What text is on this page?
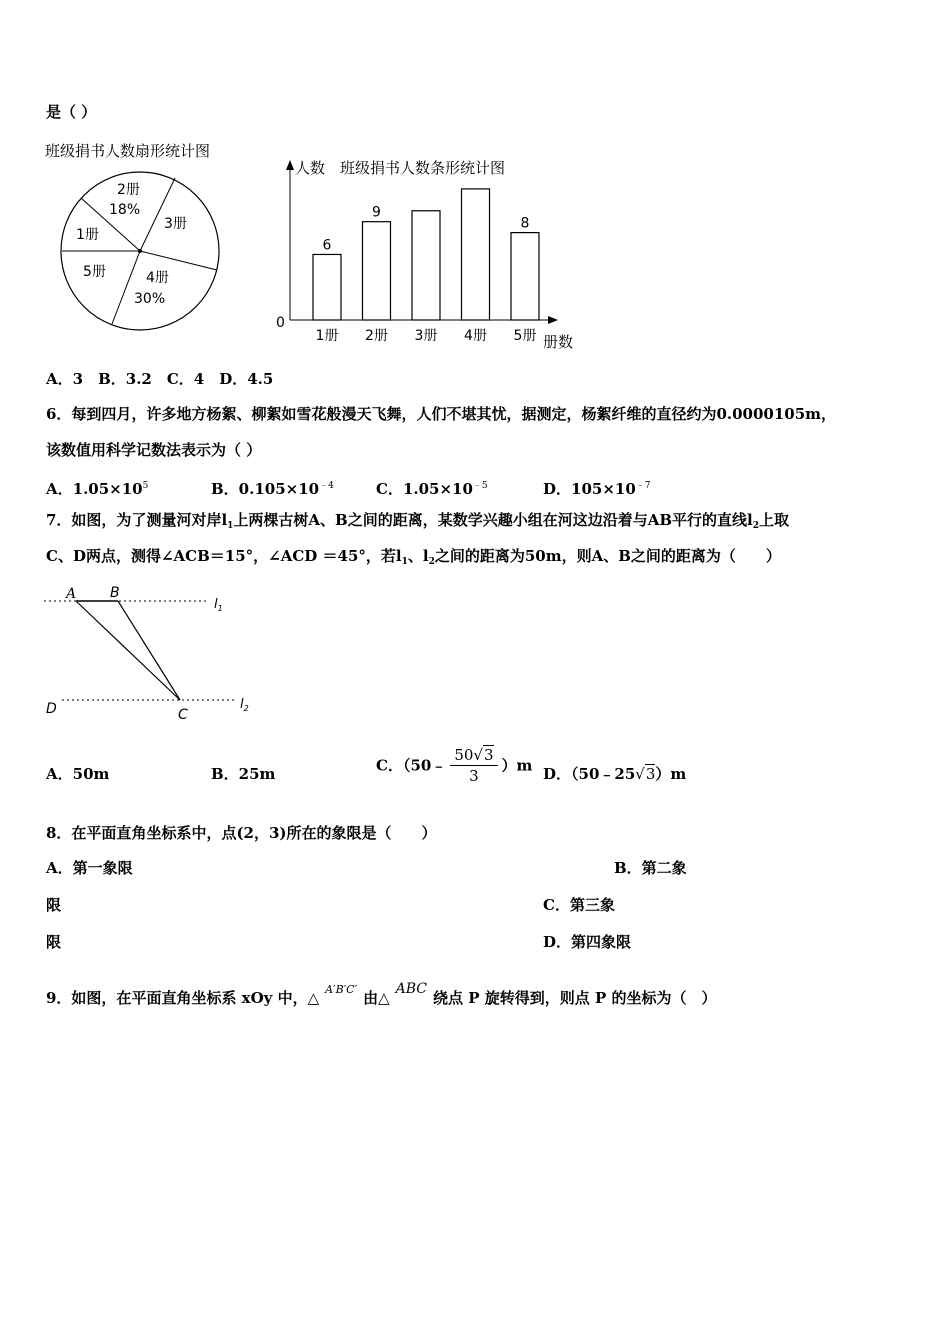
是（ ）
班级捐书人数扇形统计图
2册
18%
3册
1册
5册	4册
30%
人数 班级捐书人数条形统计图
0
册数
6
1册
9
2册 3册 4册
8
5册
A．3　B．3.2　C．4　D．4.5
6．每到四月，许多地方杨絮、柳絮如雪花般漫天飞舞，人们不堪其忧，据测定，杨絮纤维的直径约为0.0000105m，
该数值用科学记数法表示为（ ）
A．$1.05\times 10^5$	B．$0.105\times 10^{﹣4}$	C．$1.05\times 10^{﹣5}$	D．$105\times 10^{﹣7}$
7．如图，为了测量河对岸$l_1$上两棵古树A、B之间的距离，某数学兴趣小组在河这边沿着与AB平行的直线$l_2$上取
C、D两点，测得∠ACB＝15°，∠ACD ＝45°，若$l_1$、$l_2$之间的距离为50m，则A、B之间的距离为（　　）
A B
C
D
$l_1$
$l_2$
A．50m	B．25m	C．（50﹣ $\frac{50√3}{3} )m$ D．（50﹣25√3）m
8．在平面直角坐标系中，点(2，3)所在的象限是（　　）
A．第一象限	B．第二象
限	C．第三象
限	D．第四象限
9．如图，在平面直角坐标系 xOy 中，△ $^{A'B'C'}$ 由△ ABC 绕点 P 旋转得到，则点 P 的坐标为（　）
